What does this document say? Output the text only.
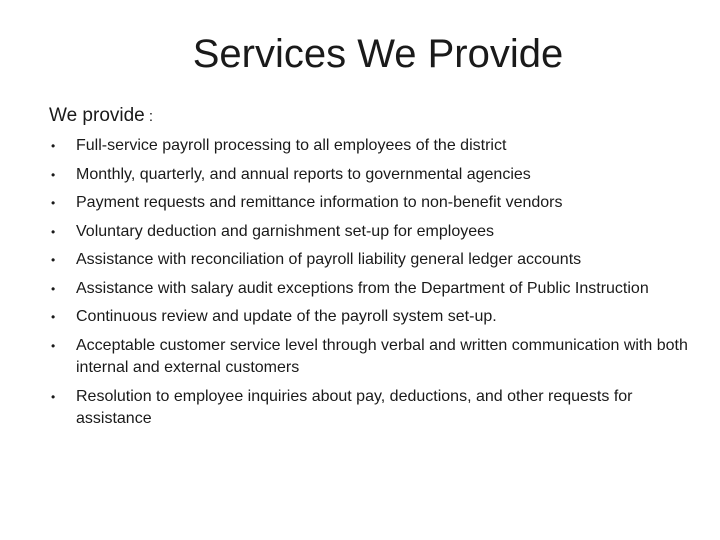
Services We Provide

We provide :

• Full-service payroll processing to all employees of the district
• Monthly, quarterly, and annual reports to governmental agencies
• Payment requests and remittance information to non-benefit vendors
• Voluntary deduction and garnishment set-up for employees
• Assistance with reconciliation of payroll liability general ledger accounts
• Assistance with salary audit exceptions from the Department of Public Instruction
• Continuous review and update of the payroll system set-up.
• Acceptable customer service level through verbal and written communication with both internal and external customers
• Resolution to employee inquiries about pay, deductions, and other requests for assistance
